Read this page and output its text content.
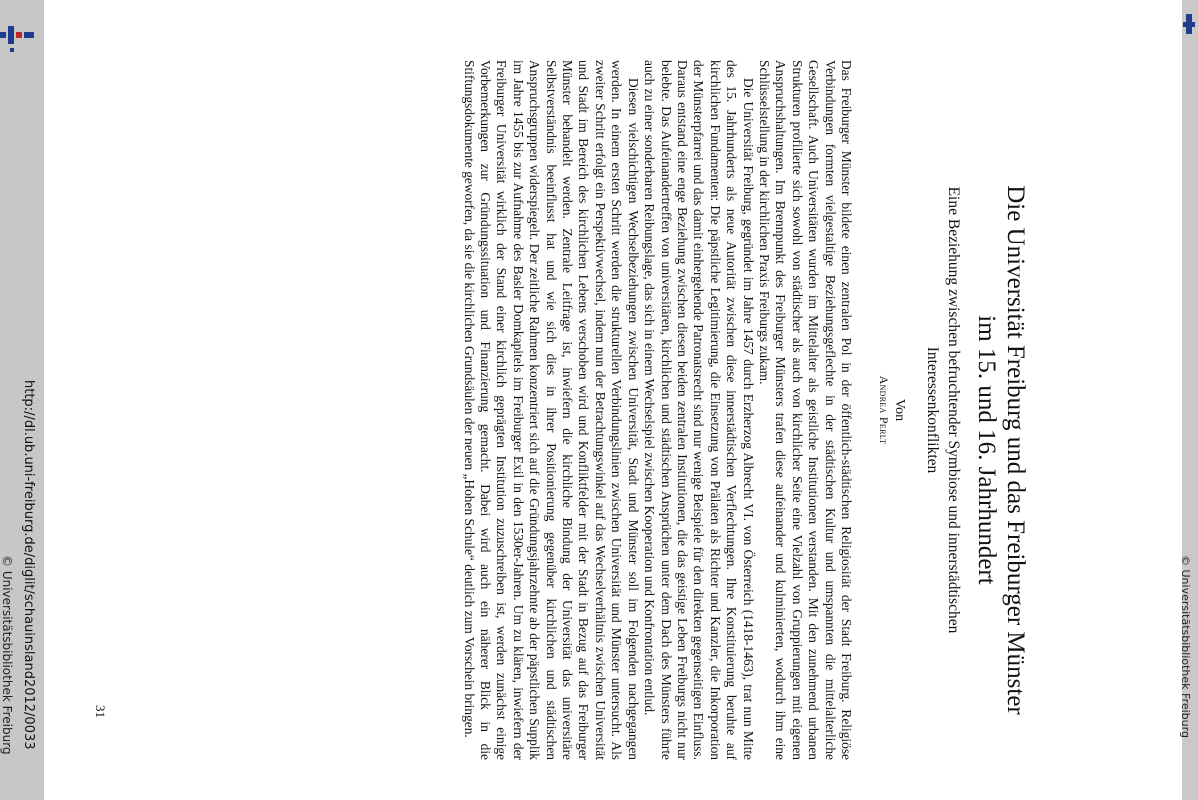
http://dl.ub.uni-freiburg.de/diglit/schauinsland2012/0033
© Universitätsbibliothek Freiburg	© Universitätsbibliothek Freiburg
Die Universität Freiburg und das Freiburger Münster
im 15. und 16. Jahrhundert
Eine Beziehung zwischen befruchtender Symbiose und innerstädtischen
Interessenkonflikten
Von
Andrea Perlt

Das Freiburger Münster bildete einen zentralen Pol in der öffentlich-städtischen Religiosität der Stadt Freiburg. Religiöse Verbindungen formten vielgestaltige Beziehungsgeflechte in der städtischen Kultur und umspannten die mittelalterliche Gesellschaft. Auch Universitäten wurden im Mittelalter als geistliche Institutionen verstanden. Mit den zunehmend urbanen Strukturen profilierte sich sowohl von städtischer als auch von kirchlicher Seite eine Vielzahl von Gruppierungen mit eigenen Anspruchshaltungen. Im Brennpunkt des Freiburger Münsters trafen diese aufeinander und kulminierten, wodurch ihm eine Schlüsselstellung in der kirchlichen Praxis Freiburgs zukam.

Die Universität Freiburg, gegründet im Jahre 1457 durch Erzherzog Albrecht VI. von Österreich (1418-1463), trat nun Mitte des 15. Jahrhunderts als neue Autorität zwischen diese innerstädtischen Verflechtungen. Ihre Konstituierung beruhte auf kirchlichen Fundamenten: Die päpstliche Legitimierung, die Einsetzung von Prälaten als Richter und Kanzler, die Inkorporation der Münsterpfarrei und das damit einhergehende Patronatsrecht sind nur wenige Beispiele für den direkten gegenseitigen Einfluss. Daraus entstand eine enge Beziehung zwischen diesen beiden zentralen Institutionen, die das geistige Leben Freiburgs nicht nur belebte. Das Aufeinandertreffen von universitären, kirchlichen und städtischen Ansprüchen unter dem Dach des Münsters führte auch zu einer sonderbaren Reibungslage, das sich in einem Wechselspiel zwischen Kooperation und Konfrontation entlud.

Diesen vielschichtigen Wechselbeziehungen zwischen Universität, Stadt und Münster soll im Folgenden nachgegangen werden. In einem ersten Schritt werden die strukturellen Verbindungslinien zwischen Universität und Münster untersucht. Als zweiter Schritt erfolgt ein Perspektivwechsel, indem nun der Betrachtungswinkel auf das Wechselverhältnis zwischen Universität und Stadt im Bereich des kirchlichen Lebens verschoben wird und Konfliktfelder mit der Stadt in Bezug auf das Freiburger Münster behandelt werden. Zentrale Leitfrage ist, inwiefern die kirchliche Bindung der Universität das universitäre Selbstverständnis beeinflusst hat und wie sich dies in ihrer Positionierung gegenüber kirchlichen und städtischen Anspruchsgruppen widerspiegelt. Der zeitliche Rahmen konzentriert sich auf die Gründungsjahrzehnte ab der päpstlichen Supplik im Jahre 1455 bis zur Aufnahme des Basler Domkapitels im Freiburger Exil in den 1530er-Jahren. Um zu klären, inwiefern der Freiburger Universität wirklich der Stand einer kirchlich geprägten Institution zuzuschreiben ist, werden zunächst einige Vorbemerkungen zur Gründungssituation und Finanzierung gemacht. Dabei wird auch ein näherer Blick in die Stiftungsdokumente geworfen, da sie die kirchlichen Grundsäulen der neuen „Hohen Schule“ deutlich zum Vorschein bringen.

31
